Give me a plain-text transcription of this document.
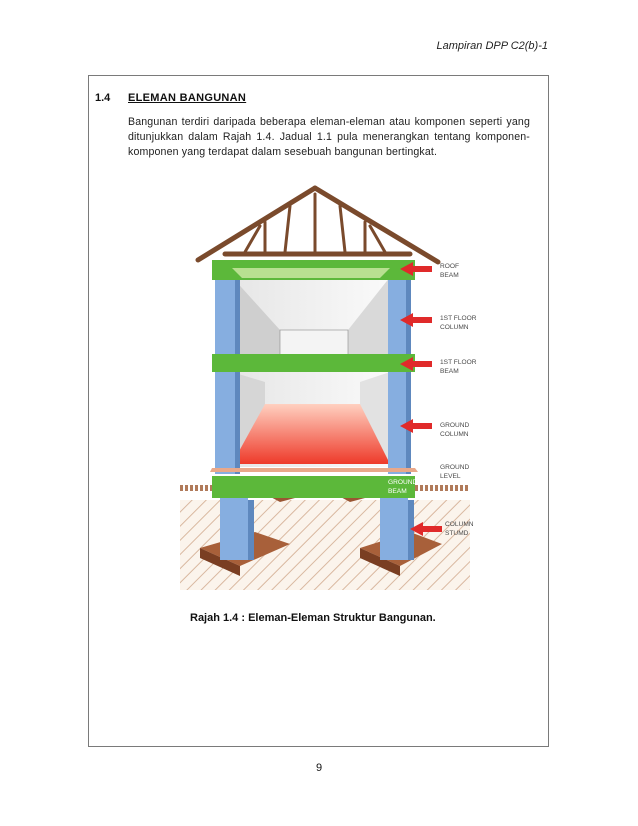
Lampiran DPP C2(b)-1
1.4 ELEMAN BANGUNAN
Bangunan terdiri daripada beberapa eleman-eleman atau komponen seperti yang ditunjukkan dalam Rajah 1.4. Jadual 1.1 pula menerangkan tentang komponen-komponen yang terdapat dalam sesebuah bangunan bertingkat.
ROOF
BEAM
1ST FLOOR
COLUMN
1ST FLOOR
BEAM
GROUND
COLUMN
GROUND
LEVEL
GROUND
BEAM
COLUMN
STUMD
Rajah 1.4 : Eleman-Eleman Struktur Bangunan.
9
